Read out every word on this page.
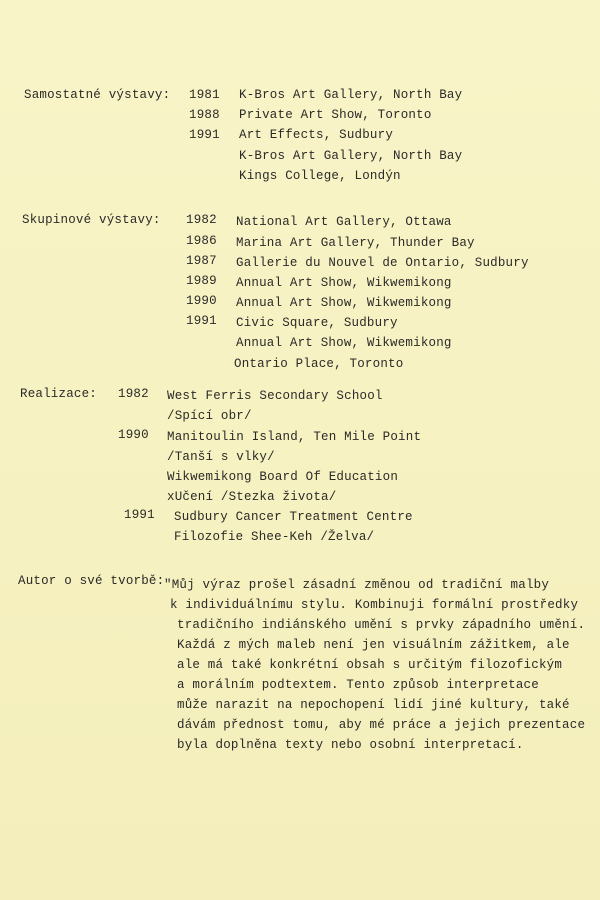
Samostatné výstavy: 1981 K-Bros Art Gallery, North Bay
1988 Private Art Show, Toronto
1991 Art Effects, Sudbury
K-Bros Art Gallery, North Bay
Kings College, Londýn
Skupinové výstavy: 1982 National Art Gallery, Ottawa
1986 Marina Art Gallery, Thunder Bay
1987 Gallerie du Nouvel de Ontario, Sudbury
1989 Annual Art Show, Wikwemikong
1990 Annual Art Show, Wikwemikong
1991 Civic Square, Sudbury
Annual Art Show, Wikwemikong
Ontario Place, Toronto
Realizace: 1982 West Ferris Secondary School
/Spící obr/
1990 Manitoulin Island, Ten Mile Point
/Tanší s vlky/
Wikwemikong Board Of Education
xUčení /Stezka života/
1991 Sudbury Cancer Treatment Centre
Filozofie Shee-Keh /Želva/
Autor o své tvorbě: "Můj výraz prošel zásadní změnou od tradiční malby
k individuálnímu stylu. Kombinuji formální prostředky
tradičního indiánského umění s prvky západního umění.
Každá z mých maleb není jen visuálním zážitkem, ale
ale má také konkrétní obsah s určitým filozofickým
a morálním podtextem. Tento způsob interpretace
může narazit na nepochopení lidí jiné kultury, také
dávám přednost tomu, aby mé práce a jejich prezentace
byla doplněna texty nebo osobní interpretací.
